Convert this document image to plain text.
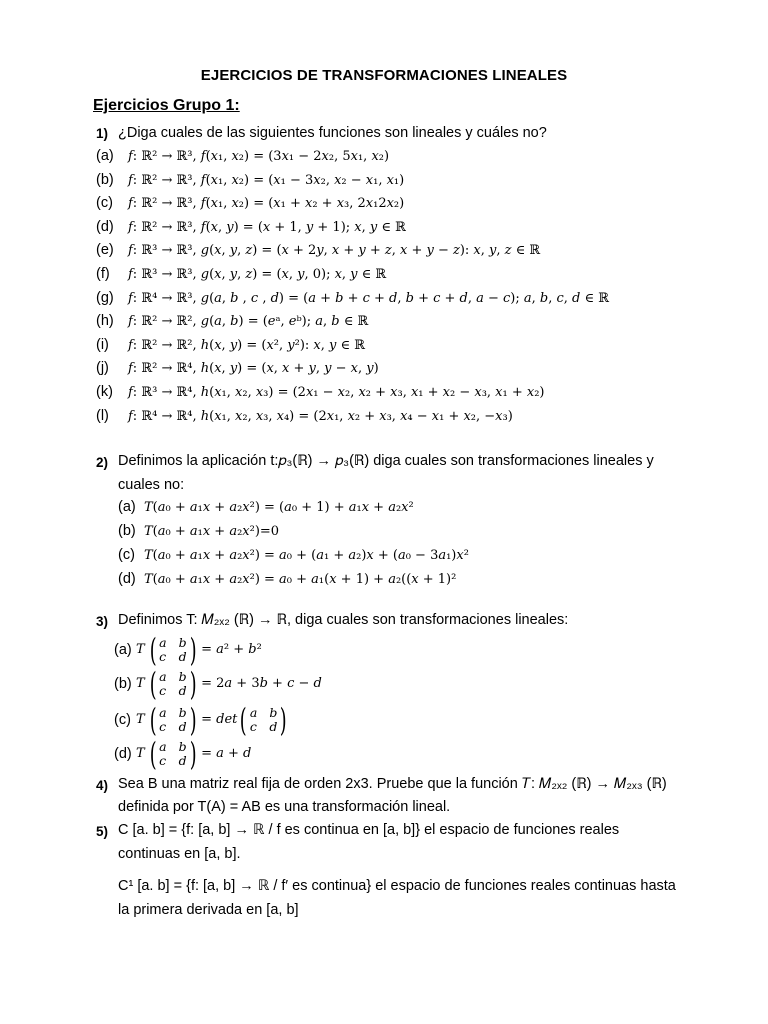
EJERCICIOS DE TRANSFORMACIONES LINEALES
Ejercicios Grupo 1:
1) ¿Diga cuales de las siguientes funciones son lineales y cuáles no?
(a) 𝑓: ℝ² → ℝ³, 𝑓(𝑥₁, 𝑥₂) = (3𝑥₁ − 2𝑥₂, 5𝑥₁, 𝑥₂)
(b) 𝑓: ℝ² → ℝ³, 𝑓(𝑥₁, 𝑥₂) = (𝑥₁ − 3𝑥₂, 𝑥₂ − 𝑥₁, 𝑥₁)
(c) 𝑓: ℝ² → ℝ³, 𝑓(𝑥₁, 𝑥₂) = (𝑥₁ + 𝑥₂ + 𝑥₃, 2𝑥₁2𝑥₂)
(d) 𝑓: ℝ² → ℝ³, 𝑓(𝑥, 𝑦) = (𝑥 + 1, 𝑦 + 1); 𝑥, 𝑦 ∈ ℝ
(e) 𝑓: ℝ³ → ℝ³, 𝑔(𝑥, 𝑦, 𝑧) = (𝑥 + 2𝑦, 𝑥 + 𝑦 + 𝑧, 𝑥 + 𝑦 − 𝑧): 𝑥, 𝑦, 𝑧 ∈ ℝ
(f) 𝑓: ℝ³ → ℝ³, 𝑔(𝑥, 𝑦, 𝑧) = (𝑥, 𝑦, 0); 𝑥, 𝑦 ∈ ℝ
(g) 𝑓: ℝ⁴ → ℝ³, 𝑔(𝑎, 𝑏 , 𝑐 , 𝑑) = (𝑎 + 𝑏 + 𝑐 + 𝑑, 𝑏 + 𝑐 + 𝑑, 𝑎 − 𝑐); 𝑎, 𝑏, 𝑐, 𝑑 ∈ ℝ
(h) 𝑓: ℝ² → ℝ², 𝑔(𝑎, 𝑏) = (𝑒ᵃ, 𝑒ᵇ); 𝑎, 𝑏 ∈ ℝ
(i) 𝑓: ℝ² → ℝ², ℎ(𝑥, 𝑦) = (𝑥², 𝑦²): 𝑥, 𝑦 ∈ ℝ
(j) 𝑓: ℝ² → ℝ⁴, ℎ(𝑥, 𝑦) = (𝑥, 𝑥 + 𝑦, 𝑦 − 𝑥, 𝑦)
(k) 𝑓: ℝ³ → ℝ⁴, ℎ(𝑥₁, 𝑥₂, 𝑥₃) = (2𝑥₁ − 𝑥₂, 𝑥₂ + 𝑥₃, 𝑥₁ + 𝑥₂ − 𝑥₃, 𝑥₁ + 𝑥₂)
(l) 𝑓: ℝ⁴ → ℝ⁴, ℎ(𝑥₁, 𝑥₂, 𝑥₃, 𝑥₄) = (2𝑥₁, 𝑥₂ + 𝑥₃, 𝑥₄ − 𝑥₁ + 𝑥₂, −𝑥₃)
2) Definimos la aplicación t:𝑝₃(ℝ) → 𝑝₃(ℝ) diga cuales son transformaciones lineales y
cuales no:
(a) 𝑇(𝑎₀ + 𝑎₁𝑥 + 𝑎₂𝑥²) = (𝑎₀ + 1) + 𝑎₁𝑥 + 𝑎₂𝑥²
(b) 𝑇(𝑎₀ + 𝑎₁𝑥 + 𝑎₂𝑥²)=0
(c) 𝑇(𝑎₀ + 𝑎₁𝑥 + 𝑎₂𝑥²) = 𝑎₀ + (𝑎₁ + 𝑎₂)𝑥 + (𝑎₀ − 3𝑎₁)𝑥²
(d) 𝑇(𝑎₀ + 𝑎₁𝑥 + 𝑎₂𝑥²) = 𝑎₀ + 𝑎₁(𝑥 + 1) + 𝑎₂((𝑥 + 1)²
3) Definimos T: 𝑀₂ₓ₂ (ℝ) → ℝ, diga cuales son transformaciones lineales:
(a) 𝑇 ( 𝑎 𝑏
𝑐 𝑑 ) = 𝑎² + 𝑏²
(b) 𝑇 ( 𝑎 𝑏
𝑐 𝑑 ) = 2𝑎 + 3𝑏 + 𝑐 − 𝑑
(c) 𝑇 ( 𝑎 𝑏
𝑐 𝑑 ) = 𝑑𝑒𝑡 ( 𝑎 𝑏
𝑐 𝑑 )
(d) 𝑇 ( 𝑎 𝑏
𝑐 𝑑 ) = 𝑎 + 𝑑
4) Sea B una matriz real fija de orden 2x3. Pruebe que la función 𝑇: 𝑀₂ₓ₂ (ℝ) → 𝑀₂ₓ₃ (ℝ)
definida por T(A) = AB es una transformación lineal.
5) C [a. b] = {f: [a, b] → ℝ / f es continua en [a, b]} el espacio de funciones reales
continuas en [a, b].
C¹ [a. b] = {f: [a, b] → ℝ / f′ es continua} el espacio de funciones reales continuas hasta
la primera derivada en [a, b]
